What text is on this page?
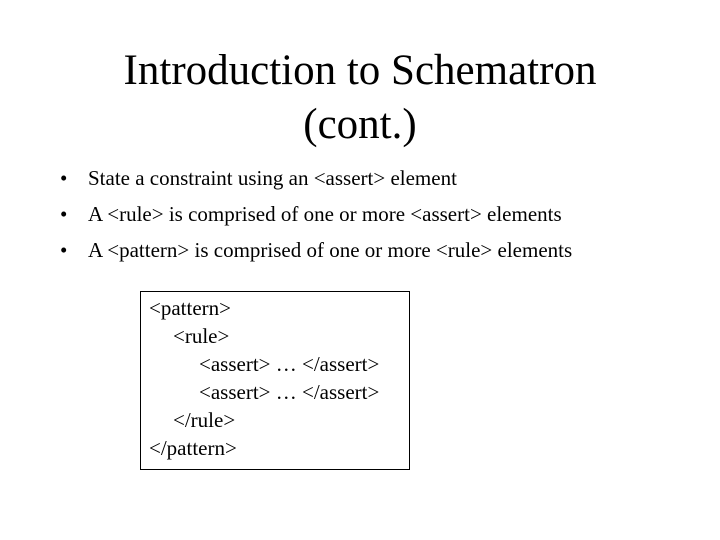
Introduction to Schematron
(cont.)
• State a constraint using an <assert> element
• A <rule> is comprised of one or more <assert> elements
• A <pattern> is comprised of one or more <rule> elements
<pattern>
<rule>
<assert> … </assert>
<assert> … </assert>
</rule>
</pattern>
